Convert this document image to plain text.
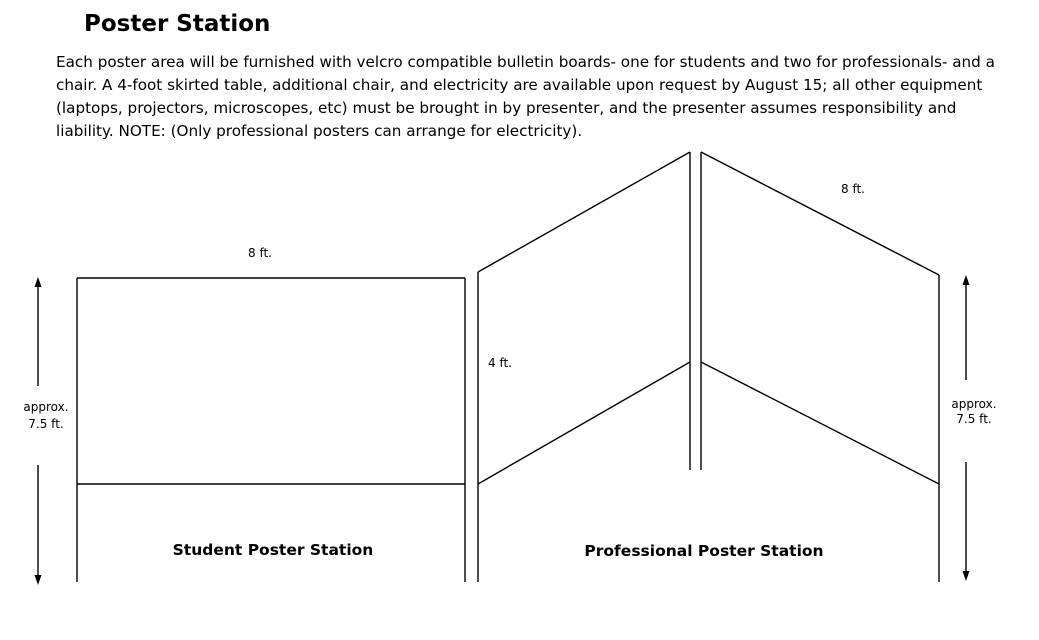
Poster Station

Each poster area will be furnished with velcro compatible bulletin boards- one for students and two for professionals- and a chair. A 4-foot skirted table, additional chair, and electricity are available upon request by August 15; all other equipment (laptops, projectors, microscopes, etc) must be brought in by presenter, and the presenter assumes responsibility and liability. NOTE: (Only professional posters can arrange for electricity).

approx.
7.5 ft.
8 ft.
Student Poster Station
4 ft.
8 ft.
approx.
7.5 ft.
Professional Poster Station
